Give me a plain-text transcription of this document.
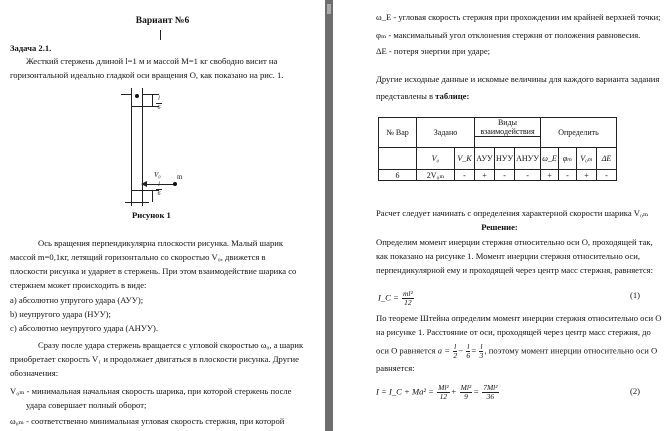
Вариант №6
Задача 2.1.
Жесткий стержень длиной l=1 м и массой M=1 кг свободно висит на
горизонтальной идеально гладкой оси вращения O, как показано на рис. 1.
l
6
l
6
V₀ m
Рисунок 1
Ось вращения перпендикулярна плоскости рисунка. Малый шарик
массой m=0,1кг, летящий горизонтально со скоростью V₀, движется в
плоскости рисунка и ударяет в стержень. При этом взаимодействие шарика со
стержнем может происходить в виде:
а) абсолютно упругого удара (АУУ);
b) неупругого удара (НУУ);
с) абсолютно неупругого удара (АНУУ).
Сразу после удара стержень вращается с угловой скоростью ω₀, а шарик
приобретает скорость V₁ и продолжает двигаться в плоскости рисунка. Другие
обозначения:
V₀ₘ - минимальная начальная скорость шарика, при которой стержень после
удара совершает полный оборот;
ω₀ₘ - соответственно минимальная угловая скорость стержня, при которой
ω_E - угловая скорость стержня при прохождении им крайней верхней точки;
φₘ - максимальный угол отклонения стержня от положения равновесия.
ΔE - потеря энергии при ударе;
Другие исходные данные и искомые величины для каждого варианта задания
представлены в таблице:
№ Вар	Задано		Виды взаимодействия			Определить			

	V₀	V_K	АУУ	НУУ	АНУУ	ω_E	φₘ	V₀ₘ	ΔE
6	2V₀ₘ	-	+	-	-	+	-	+	-
Расчет следует начинать с определения характерной скорости шарика V₀ₘ
Решение:
Определим момент инерции стержня относительно оси O, проходящей так,
как показано на рисунке 1. Момент инерции стержня относительно оси,
перпендикулярной ему и проходящей через центр масс стержня, равняется:
I_C = $\frac{\text{ml²}}{12}$	(1)
По теореме Штейна определим момент инерции стержня относительно оси O
на рисунке 1. Расстояние от оси, проходящей через центр масс стержня, до
оси O равняется $a = \frac{l}{2} - \frac{l}{6} = \frac{l}{3}$ , поэтому момент инерции относительно оси O
равняется:
I = I_C + $Ma^2 = \frac{\text{Ml²}}{12} + \frac{\text{Ml²}}{9} = \frac{\text{7Ml²}}{36}$	(2)
